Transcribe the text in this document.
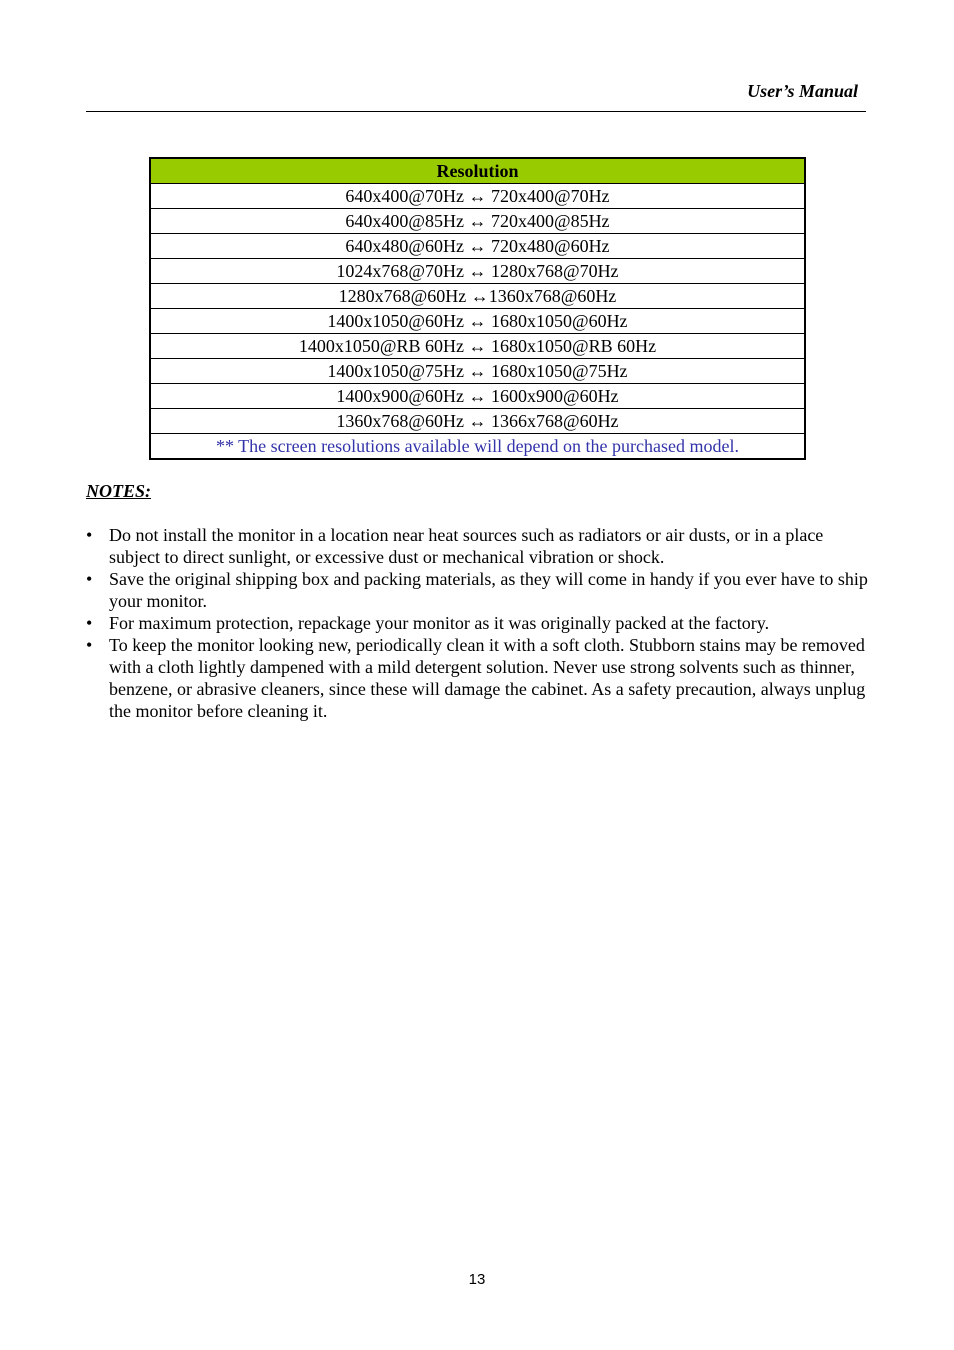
User’s Manual
Resolution
640x400@70Hz ↔ 720x400@70Hz
640x400@85Hz ↔ 720x400@85Hz
640x480@60Hz ↔ 720x480@60Hz
1024x768@70Hz ↔ 1280x768@70Hz
1280x768@60Hz ↔1360x768@60Hz
1400x1050@60Hz ↔ 1680x1050@60Hz
1400x1050@RB 60Hz ↔ 1680x1050@RB 60Hz
1400x1050@75Hz ↔ 1680x1050@75Hz
1400x900@60Hz ↔ 1600x900@60Hz
1360x768@60Hz ↔ 1366x768@60Hz
** The screen resolutions available will depend on the purchased model.
NOTES:
• Do not install the monitor in a location near heat sources such as radiators or air dusts, or in a place subject to direct sunlight, or excessive dust or mechanical vibration or shock.
• Save the original shipping box and packing materials, as they will come in handy if you ever have to ship your monitor.
• For maximum protection, repackage your monitor as it was originally packed at the factory.
• To keep the monitor looking new, periodically clean it with a soft cloth. Stubborn stains may be removed with a cloth lightly dampened with a mild detergent solution. Never use strong solvents such as thinner, benzene, or abrasive cleaners, since these will damage the cabinet. As a safety precaution, always unplug the monitor before cleaning it.
13
